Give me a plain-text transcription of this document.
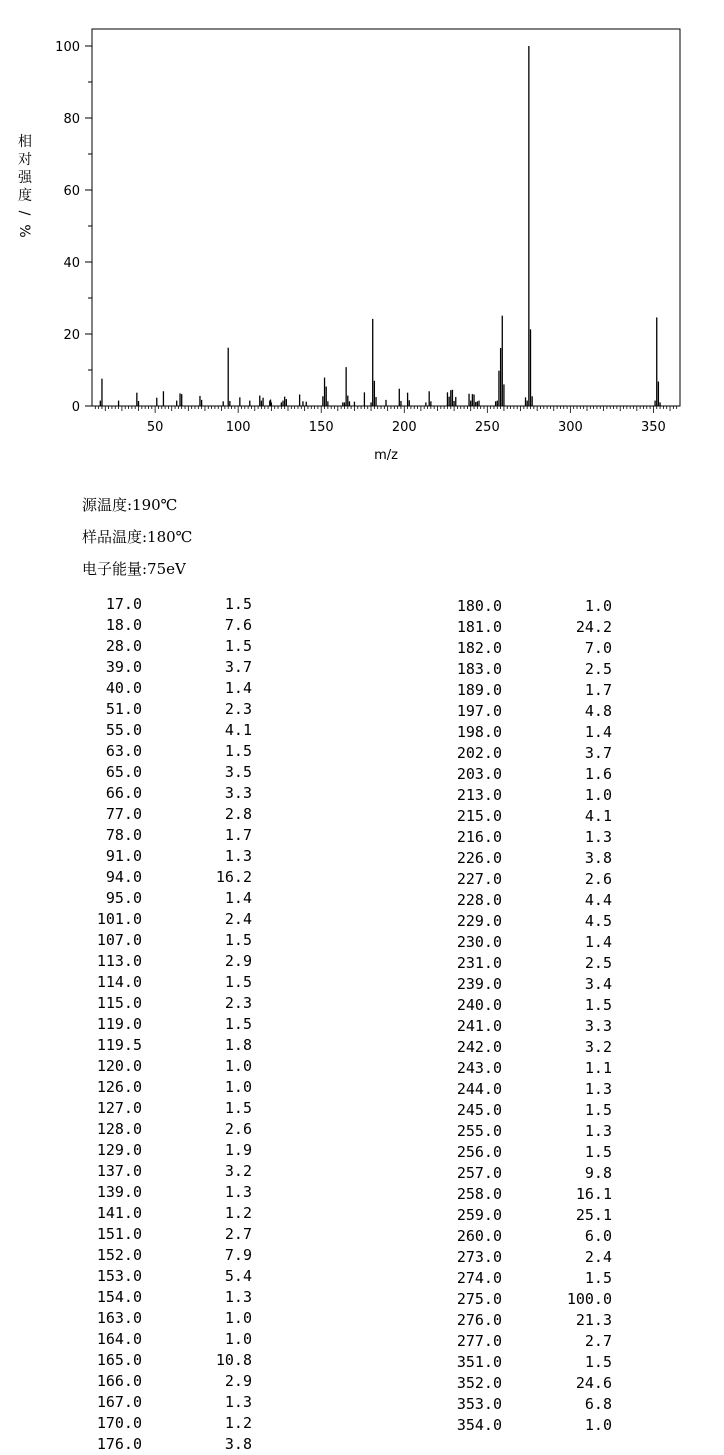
0
20
40
60
80
100
50	100	150	200	250	300	350
m/z
相
对
强
度
/
%
源温度:190℃
样品温度:180℃
电子能量:75eV
17.0	1.5
18.0	7.6
28.0	1.5
39.0	3.7
40.0	1.4
51.0	2.3
55.0	4.1
63.0	1.5
65.0	3.5
66.0	3.3
77.0	2.8
78.0	1.7
91.0	1.3
94.0	16.2
95.0	1.4
101.0	2.4
107.0	1.5
113.0	2.9
114.0	1.5
115.0	2.3
119.0	1.5
119.5	1.8
120.0	1.0
126.0	1.0
127.0	1.5
128.0	2.6
129.0	1.9
137.0	3.2
139.0	1.3
141.0	1.2
151.0	2.7
152.0	7.9
153.0	5.4
154.0	1.3
163.0	1.0
164.0	1.0
165.0	10.8
166.0	2.9
167.0	1.3
170.0	1.2
176.0	3.8
180.0	1.0
181.0	24.2
182.0	7.0
183.0	2.5
189.0	1.7
197.0	4.8
198.0	1.4
202.0	3.7
203.0	1.6
213.0	1.0
215.0	4.1
216.0	1.3
226.0	3.8
227.0	2.6
228.0	4.4
229.0	4.5
230.0	1.4
231.0	2.5
239.0	3.4
240.0	1.5
241.0	3.3
242.0	3.2
243.0	1.1
244.0	1.3
245.0	1.5
255.0	1.3
256.0	1.5
257.0	9.8
258.0	16.1
259.0	25.1
260.0	6.0
273.0	2.4
274.0	1.5
275.0	100.0
276.0	21.3
277.0	2.7
351.0	1.5
352.0	24.6
353.0	6.8
354.0	1.0
